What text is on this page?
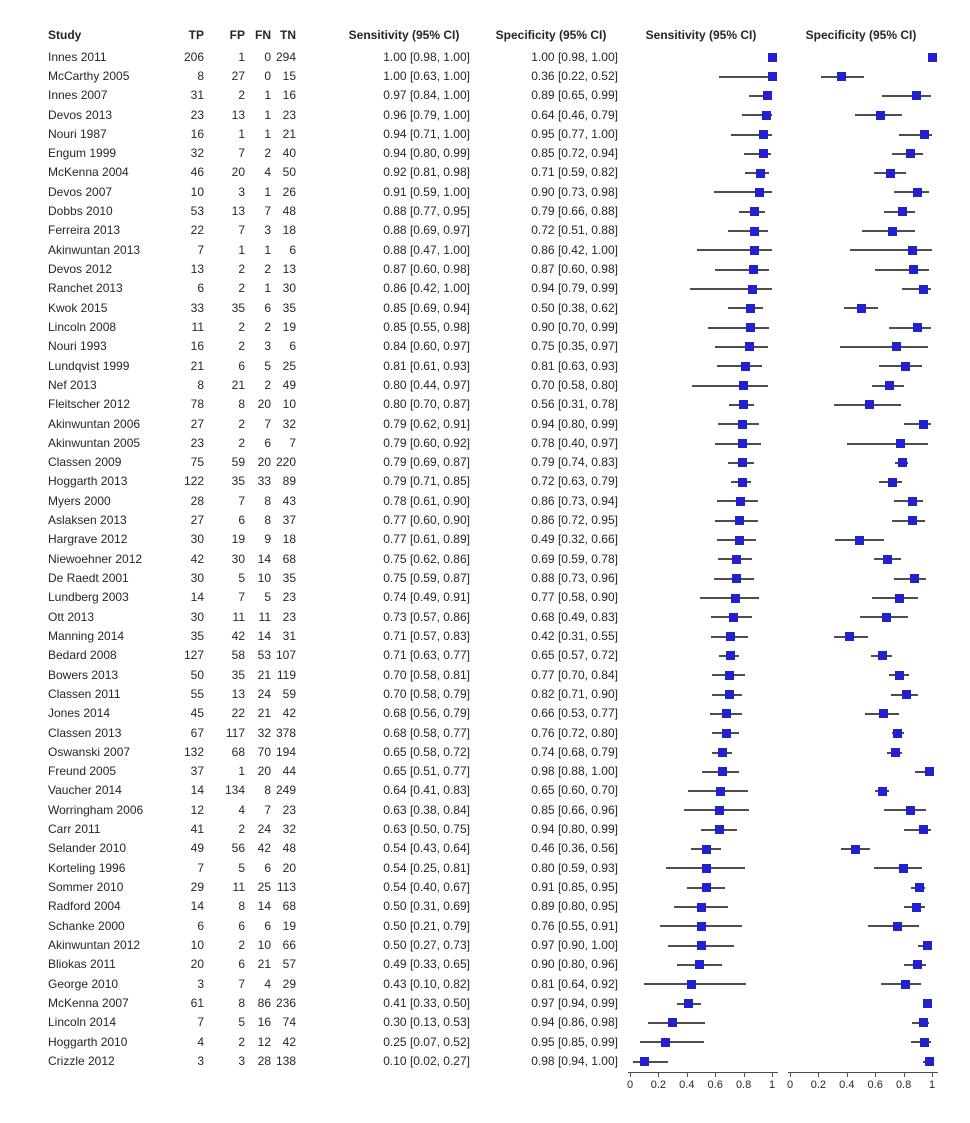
Study	TP	FP FN TN	Sensitivity (95% CI)	Specificity (95% CI)	Sensitivity (95% CI)	Specificity (95% CI)
Innes 2011	206	1	0 294	1.00 [0.98, 1.00]	1.00 [0.98, 1.00]
McCarthy 2005	8	27	0 15	1.00 [0.63, 1.00]	0.36 [0.22, 0.52]
Innes 2007	31	2	1 16	0.97 [0.84, 1.00]	0.89 [0.65, 0.99]
Devos 2013	23	13	1 23	0.96 [0.79, 1.00]	0.64 [0.46, 0.79]
Nouri 1987	16	1	1 21	0.94 [0.71, 1.00]	0.95 [0.77, 1.00]
Engum 1999	32	7	2 40	0.94 [0.80, 0.99]	0.85 [0.72, 0.94]
McKenna 2004	46	20	4 50	0.92 [0.81, 0.98]	0.71 [0.59, 0.82]
Devos 2007	10	3	1 26	0.91 [0.59, 1.00]	0.90 [0.73, 0.98]
Dobbs 2010	53	13	7 48	0.88 [0.77, 0.95]	0.79 [0.66, 0.88]
Ferreira 2013	22	7	3 18	0.88 [0.69, 0.97]	0.72 [0.51, 0.88]
Akinwuntan 2013	7	1	1	6	0.88 [0.47, 1.00]	0.86 [0.42, 1.00]
Devos 2012	13	2	2 13	0.87 [0.60, 0.98]	0.87 [0.60, 0.98]
Ranchet 2013	6	2	1 30	0.86 [0.42, 1.00]	0.94 [0.79, 0.99]
Kwok 2015	33	35	6 35	0.85 [0.69, 0.94]	0.50 [0.38, 0.62]
Lincoln 2008	11	2	2 19	0.85 [0.55, 0.98]	0.90 [0.70, 0.99]
Nouri 1993	16	2	3	6	0.84 [0.60, 0.97]	0.75 [0.35, 0.97]
Lundqvist 1999	21	6	5 25	0.81 [0.61, 0.93]	0.81 [0.63, 0.93]
Nef 2013	8	21	2 49	0.80 [0.44, 0.97]	0.70 [0.58, 0.80]
Fleitscher 2012	78	8	20 10	0.80 [0.70, 0.87]	0.56 [0.31, 0.78]
Akinwuntan 2006	27	2	7 32	0.79 [0.62, 0.91]	0.94 [0.80, 0.99]
Akinwuntan 2005	23	2	6	7	0.79 [0.60, 0.92]	0.78 [0.40, 0.97]
Classen 2009	75	59	20 220	0.79 [0.69, 0.87]	0.79 [0.74, 0.83]
Hoggarth 2013	122	35	33 89	0.79 [0.71, 0.85]	0.72 [0.63, 0.79]
Myers 2000	28	7	8 43	0.78 [0.61, 0.90]	0.86 [0.73, 0.94]
Aslaksen 2013	27	6	8 37	0.77 [0.60, 0.90]	0.86 [0.72, 0.95]
Hargrave 2012	30	19	9 18	0.77 [0.61, 0.89]	0.49 [0.32, 0.66]
Niewoehner 2012	42	30	14 68	0.75 [0.62, 0.86]	0.69 [0.59, 0.78]
De Raedt 2001	30	5	10 35	0.75 [0.59, 0.87]	0.88 [0.73, 0.96]
Lundberg 2003	14	7	5 23	0.74 [0.49, 0.91]	0.77 [0.58, 0.90]
Ott 2013	30	11	11 23	0.73 [0.57, 0.86]	0.68 [0.49, 0.83]
Manning 2014	35	42	14 31	0.71 [0.57, 0.83]	0.42 [0.31, 0.55]
Bedard 2008	127	58	53 107	0.71 [0.63, 0.77]	0.65 [0.57, 0.72]
Bowers 2013	50	35	21 119	0.70 [0.58, 0.81]	0.77 [0.70, 0.84]
Classen 2011	55	13	24 59	0.70 [0.58, 0.79]	0.82 [0.71, 0.90]
Jones 2014	45	22	21 42	0.68 [0.56, 0.79]	0.66 [0.53, 0.77]
Classen 2013	67	117	32 378	0.68 [0.58, 0.77]	0.76 [0.72, 0.80]
Oswanski 2007	132	68	70 194	0.65 [0.58, 0.72]	0.74 [0.68, 0.79]
Freund 2005	37	1	20 44	0.65 [0.51, 0.77]	0.98 [0.88, 1.00]
Vaucher 2014	14	134	8 249	0.64 [0.41, 0.83]	0.65 [0.60, 0.70]
Worringham 2006	12	4	7 23	0.63 [0.38, 0.84]	0.85 [0.66, 0.96]
Carr 2011	41	2	24 32	0.63 [0.50, 0.75]	0.94 [0.80, 0.99]
Selander 2010	49	56	42 48	0.54 [0.43, 0.64]	0.46 [0.36, 0.56]
Korteling 1996	7	5	6 20	0.54 [0.25, 0.81]	0.80 [0.59, 0.93]
Sommer 2010	29	11	25 113	0.54 [0.40, 0.67]	0.91 [0.85, 0.95]
Radford 2004	14	8	14 68	0.50 [0.31, 0.69]	0.89 [0.80, 0.95]
Schanke 2000	6	6	6 19	0.50 [0.21, 0.79]	0.76 [0.55, 0.91]
Akinwuntan 2012	10	2	10 66	0.50 [0.27, 0.73]	0.97 [0.90, 1.00]
Bliokas 2011	20	6	21 57	0.49 [0.33, 0.65]	0.90 [0.80, 0.96]
George 2010	3	7	4 29	0.43 [0.10, 0.82]	0.81 [0.64, 0.92]
McKenna 2007	61	8	86 236	0.41 [0.33, 0.50]	0.97 [0.94, 0.99]
Lincoln 2014	7	5	16 74	0.30 [0.13, 0.53]	0.94 [0.86, 0.98]
Hoggarth 2010	4	2	12 42	0.25 [0.07, 0.52]	0.95 [0.85, 0.99]
Crizzle 2012	3	3	28 138	0.10 [0.02, 0.27]	0.98 [0.94, 1.00]
0	0.2	0.4	0.6	0.8	1	0	0.2	0.4	0.6	0.8	1
